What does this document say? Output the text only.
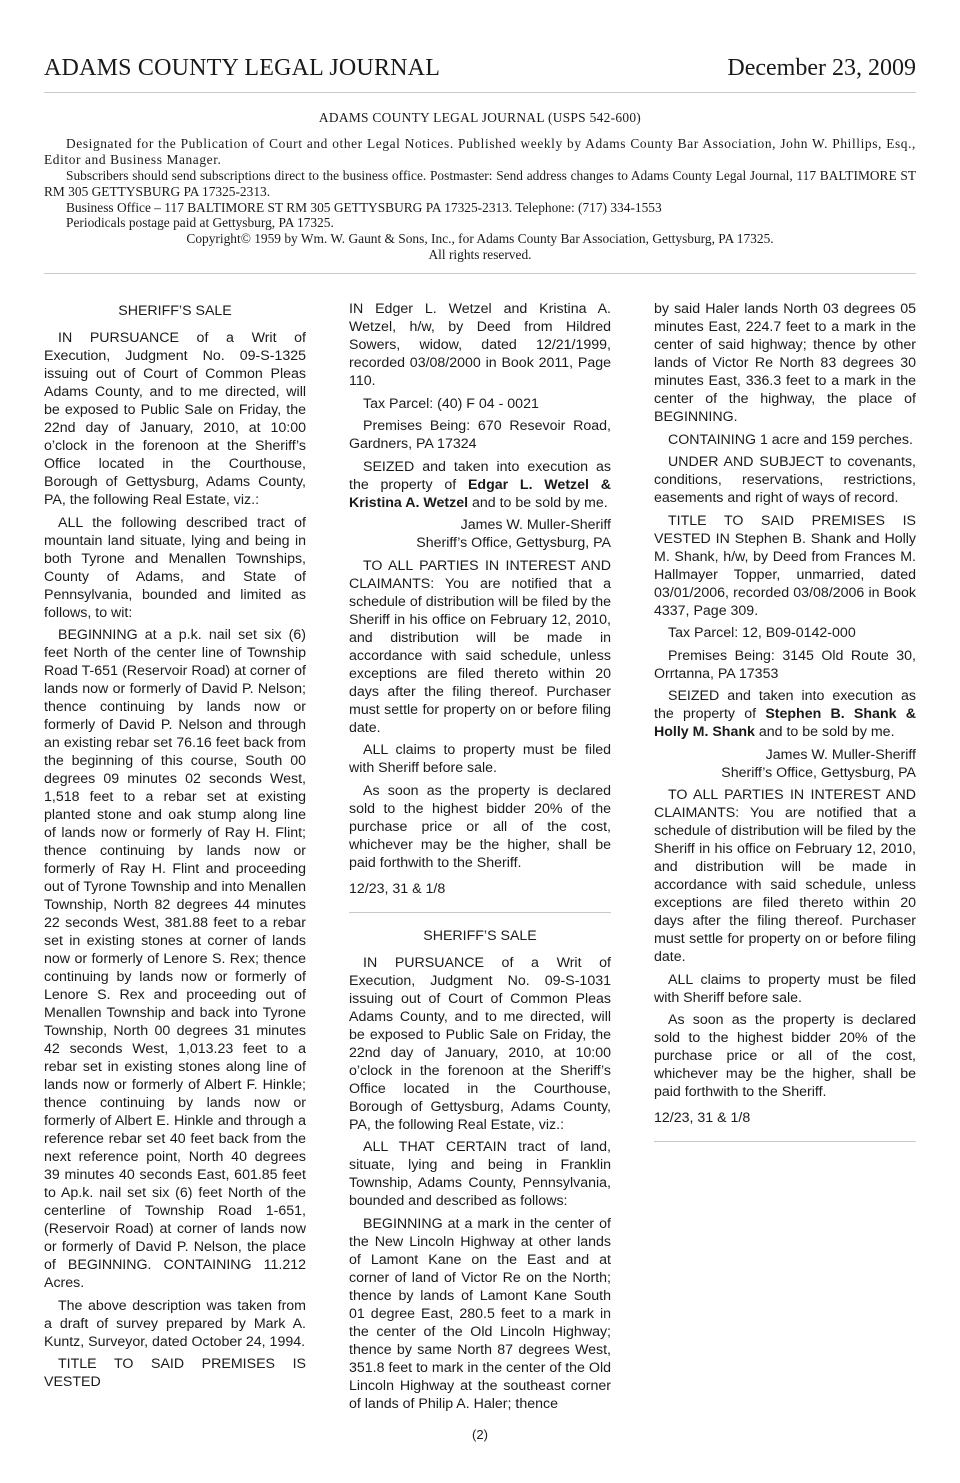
ADAMS COUNTY LEGAL JOURNAL	December 23, 2009

ADAMS COUNTY LEGAL JOURNAL (USPS 542-600)

Designated for the Publication of Court and other Legal Notices. Published weekly by Adams County Bar Association, John W. Phillips, Esq., Editor and Business Manager.

Subscribers should send subscriptions direct to the business office. Postmaster: Send address changes to Adams County Legal Journal, 117 BALTIMORE ST RM 305 GETTYSBURG PA 17325-2313.

Business Office – 117 BALTIMORE ST RM 305 GETTYSBURG PA 17325-2313. Telephone: (717) 334-1553

Periodicals postage paid at Gettysburg, PA 17325.

Copyright© 1959 by Wm. W. Gaunt & Sons, Inc., for Adams County Bar Association, Gettysburg, PA 17325.

All rights reserved.

SHERIFF’S SALE

IN PURSUANCE of a Writ of Execution, Judgment No. 09-S-1325 issuing out of Court of Common Pleas Adams County, and to me directed, will be exposed to Public Sale on Friday, the 22nd day of January, 2010, at 10:00 o’clock in the forenoon at the Sheriff’s Office located in the Courthouse, Borough of Gettysburg, Adams County, PA, the following Real Estate, viz.:

ALL the following described tract of mountain land situate, lying and being in both Tyrone and Menallen Townships, County of Adams, and State of Pennsylvania, bounded and limited as follows, to wit:

BEGINNING at a p.k. nail set six (6) feet North of the center line of Township Road T-651 (Reservoir Road) at corner of lands now or formerly of David P. Nelson; thence continuing by lands now or formerly of David P. Nelson and through an existing rebar set 76.16 feet back from the beginning of this course, South 00 degrees 09 minutes 02 seconds West, 1,518 feet to a rebar set at existing planted stone and oak stump along line of lands now or formerly of Ray H. Flint; thence continuing by lands now or formerly of Ray H. Flint and proceeding out of Tyrone Township and into Menallen Township, North 82 degrees 44 minutes 22 seconds West, 381.88 feet to a rebar set in existing stones at corner of lands now or formerly of Lenore S. Rex; thence continuing by lands now or formerly of Lenore S. Rex and proceeding out of Menallen Township and back into Tyrone Township, North 00 degrees 31 minutes 42 seconds West, 1,013.23 feet to a rebar set in existing stones along line of lands now or formerly of Albert F. Hinkle; thence continuing by lands now or formerly of Albert E. Hinkle and through a reference rebar set 40 feet back from the next reference point, North 40 degrees 39 minutes 40 seconds East, 601.85 feet to Ap.k. nail set six (6) feet North of the centerline of Township Road 1-651, (Reservoir Road) at corner of lands now or formerly of David P. Nelson, the place of BEGINNING. CONTAINING 11.212 Acres.

The above description was taken from a draft of survey prepared by Mark A. Kuntz, Surveyor, dated October 24, 1994.

TITLE TO SAID PREMISES IS VESTED

IN Edger L. Wetzel and Kristina A. Wetzel, h/w, by Deed from Hildred Sowers, widow, dated 12/21/1999, recorded 03/08/2000 in Book 2011, Page 110.

Tax Parcel: (40) F 04 - 0021

Premises Being: 670 Resevoir Road, Gardners, PA 17324

SEIZED and taken into execution as the property of Edgar L. Wetzel & Kristina A. Wetzel and to be sold by me.

James W. Muller-Sheriff

Sheriff’s Office, Gettysburg, PA

TO ALL PARTIES IN INTEREST AND CLAIMANTS: You are notified that a schedule of distribution will be filed by the Sheriff in his office on February 12, 2010, and distribution will be made in accordance with said schedule, unless exceptions are filed thereto within 20 days after the filing thereof. Purchaser must settle for property on or before filing date.

ALL claims to property must be filed with Sheriff before sale.

As soon as the property is declared sold to the highest bidder 20% of the purchase price or all of the cost, whichever may be the higher, shall be paid forthwith to the Sheriff.

12/23, 31 & 1/8

SHERIFF’S SALE

IN PURSUANCE of a Writ of Execution, Judgment No. 09-S-1031 issuing out of Court of Common Pleas Adams County, and to me directed, will be exposed to Public Sale on Friday, the 22nd day of January, 2010, at 10:00 o’clock in the forenoon at the Sheriff’s Office located in the Courthouse, Borough of Gettysburg, Adams County, PA, the following Real Estate, viz.:

ALL THAT CERTAIN tract of land, situate, lying and being in Franklin Township, Adams County, Pennsylvania, bounded and described as follows:

BEGINNING at a mark in the center of the New Lincoln Highway at other lands of Lamont Kane on the East and at corner of land of Victor Re on the North; thence by lands of Lamont Kane South 01 degree East, 280.5 feet to a mark in the center of the Old Lincoln Highway; thence by same North 87 degrees West, 351.8 feet to mark in the center of the Old Lincoln Highway at the southeast corner of lands of Philip A. Haler; thence

by said Haler lands North 03 degrees 05 minutes East, 224.7 feet to a mark in the center of said highway; thence by other lands of Victor Re North 83 degrees 30 minutes East, 336.3 feet to a mark in the center of the highway, the place of BEGINNING.

CONTAINING 1 acre and 159 perches.

UNDER AND SUBJECT to covenants, conditions, reservations, restrictions, easements and right of ways of record.

TITLE TO SAID PREMISES IS VESTED IN Stephen B. Shank and Holly M. Shank, h/w, by Deed from Frances M. Hallmayer Topper, unmarried, dated 03/01/2006, recorded 03/08/2006 in Book 4337, Page 309.

Tax Parcel: 12, B09-0142-000

Premises Being: 3145 Old Route 30, Orrtanna, PA 17353

SEIZED and taken into execution as the property of Stephen B. Shank & Holly M. Shank and to be sold by me.

James W. Muller-Sheriff

Sheriff’s Office, Gettysburg, PA

TO ALL PARTIES IN INTEREST AND CLAIMANTS: You are notified that a schedule of distribution will be filed by the Sheriff in his office on February 12, 2010, and distribution will be made in accordance with said schedule, unless exceptions are filed thereto within 20 days after the filing thereof. Purchaser must settle for property on or before filing date.

ALL claims to property must be filed with Sheriff before sale.

As soon as the property is declared sold to the highest bidder 20% of the purchase price or all of the cost, whichever may be the higher, shall be paid forthwith to the Sheriff.

12/23, 31 & 1/8

(2)
